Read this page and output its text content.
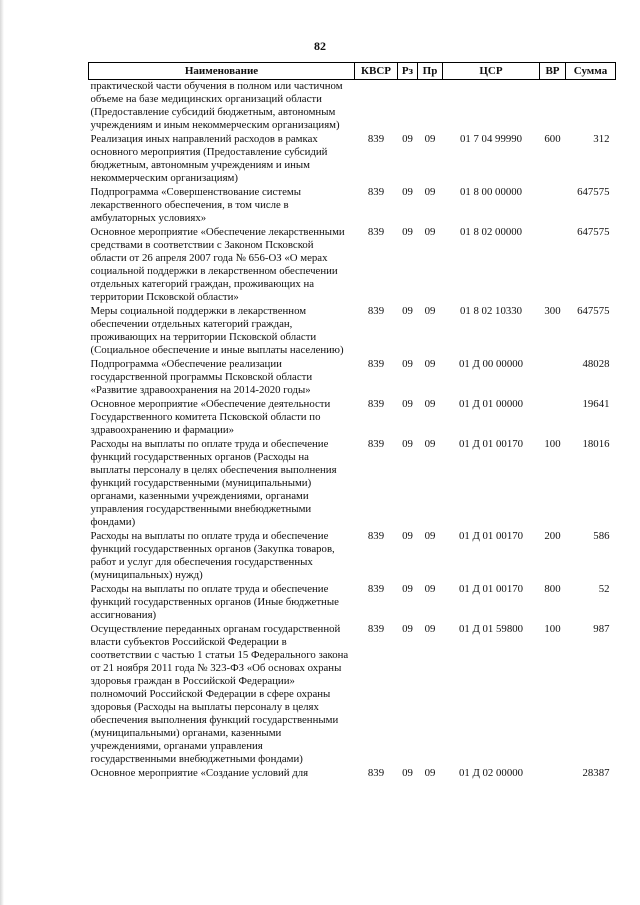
82
Наименование	КВСР	Рз	Пр	ЦСР	ВР	Сумма
практической части обучения в полном или частичном объеме на базе медицинских организаций области (Предоставление субсидий бюджетным, автономным учреждениям и иным некоммерческим организациям)						
Реализация иных направлений расходов в рамках основного мероприятия (Предоставление субсидий бюджетным, автономным учреждениям и иным некоммерческим организациям)	839	09	09	01 7 04 99990	600	312
Подпрограмма «Совершенствование системы лекарственного обеспечения, в том числе в амбулаторных условиях»	839	09	09	01 8 00 00000		647575
Основное мероприятие «Обеспечение лекарственными средствами в соответствии с Законом Псковской области от 26 апреля 2007 года № 656-ОЗ «О мерах социальной поддержки в лекарственном обеспечении отдельных категорий граждан, проживающих на территории Псковской области»	839	09	09	01 8 02 00000		647575
Меры социальной поддержки в лекарственном обеспечении отдельных категорий граждан, проживающих на территории Псковской области (Социальное обеспечение и иные выплаты населению)	839	09	09	01 8 02 10330	300	647575
Подпрограмма «Обеспечение реализации государственной программы Псковской области «Развитие здравоохранения на 2014-2020 годы»	839	09	09	01 Д 00 00000		48028
Основное мероприятие «Обеспечение деятельности Государственного комитета Псковской области по здравоохранению и фармации»	839	09	09	01 Д 01 00000		19641
Расходы на выплаты по оплате труда и обеспечение функций государственных органов (Расходы на выплаты персоналу в целях обеспечения выполнения функций государственными (муниципальными) органами, казенными учреждениями, органами управления государственными внебюджетными фондами)	839	09	09	01 Д 01 00170	100	18016
Расходы на выплаты по оплате труда и обеспечение функций государственных органов (Закупка товаров, работ и услуг для обеспечения государственных (муниципальных) нужд)	839	09	09	01 Д 01 00170	200	586
Расходы на выплаты по оплате труда и обеспечение функций государственных органов (Иные бюджетные ассигнования)	839	09	09	01 Д 01 00170	800	52
Осуществление переданных органам государственной власти субъектов Российской Федерации в соответствии с частью 1 статьи 15 Федерального закона от 21 ноября 2011 года № 323-ФЗ «Об основах охраны здоровья граждан в Российской Федерации» полномочий Российской Федерации в сфере охраны здоровья (Расходы на выплаты персоналу в целях обеспечения выполнения функций государственными (муниципальными) органами, казенными учреждениями, органами управления государственными внебюджетными фондами)	839	09	09	01 Д 01 59800	100	987
Основное мероприятие «Создание условий для	839	09	09	01 Д 02 00000		28387
